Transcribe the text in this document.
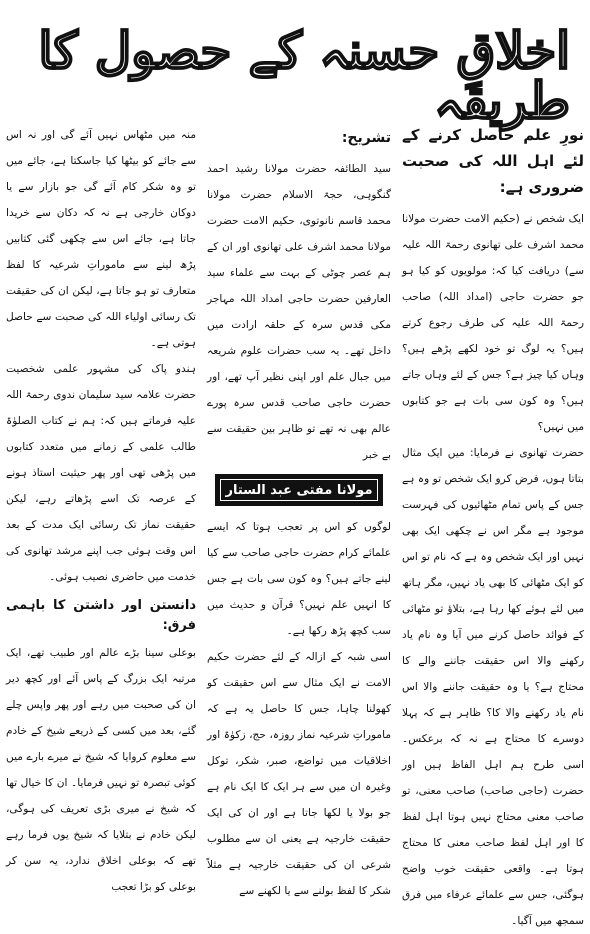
اخلاقِ حسنہ کے حصول کا طریقہ
نورِ علم حاصل کرنے کے لئے اہل اللہ کی صحبت ضروری ہے:

ایک شخص نے (حکیم الامت حضرت مولانا محمد اشرف علی تھانوی رحمۃ اللہ علیہ سے) دریافت کیا کہ: مولویوں کو کیا ہو جو حضرت حاجی (امداد اللہ) صاحب رحمۃ اللہ علیہ کی طرف رجوع کرتے ہیں؟ یہ لوگ تو خود لکھے پڑھے ہیں؟ وہاں کیا چیز ہے؟ جس کے لئے وہاں جاتے ہیں؟ وہ کون سی بات ہے جو کتابوں میں نہیں؟

حضرت تھانوی نے فرمایا: میں ایک مثال بتاتا ہوں، فرض کرو ایک شخص تو وہ ہے جس کے پاس تمام مٹھائیوں کی فہرست موجود ہے مگر اس نے چکھی ایک بھی نہیں اور ایک شخص وہ ہے کہ نام تو اس کو ایک مٹھائی کا بھی یاد نہیں، مگر ہاتھ میں لئے ہوئے کھا رہا ہے، بتلاؤ تو مٹھائی کے فوائد حاصل کرنے میں آیا وہ نام یاد رکھنے والا اس حقیقت جاننے والے کا محتاج ہے؟ یا وہ حقیقت جاننے والا اس نام یاد رکھنے والا کا؟ ظاہر ہے کہ پہلا دوسرے کا محتاج ہے نہ کہ برعکس۔ اسی طرح ہم اہل الفاظ ہیں اور حضرت (حاجی صاحب) صاحب معنی، تو صاحب معنی محتاج نہیں ہوتا اہل لفظ کا اور اہل لفظ صاحب معنی کا محتاج ہوتا ہے۔ واقعی حقیقت خوب واضح ہوگئی، جس سے علمائے عرفاء میں فرق سمجھ میں آگیا۔

تشریح:

سید الطائفہ حضرت مولانا رشید احمد گنگوہی، حجۃ الاسلام حضرت مولانا محمد قاسم نانوتوی، حکیم الامت حضرت مولانا محمد اشرف علی تھانوی اور ان کے ہم عصر چوٹی کے بہت سے علماء سید العارفین حضرت حاجی امداد اللہ مہاجر مکی قدس سرہ کے حلقہ ارادت میں داخل تھے۔ یہ سب حضرات علوم شریعہ میں جبال علم اور اپنی نظیر آپ تھے، اور حضرت حاجی صاحب قدس سرہ پورے عالم بھی نہ تھے تو ظاہر بین حقیقت سے بے خبر

مولانا مفتی عبد الستار

لوگوں کو اس پر تعجب ہوتا کہ ایسے علمائے کرام حضرت حاجی صاحب سے کیا لینے جاتے ہیں؟ وہ کون سی بات ہے جس کا انہیں علم نہیں؟ قرآن و حدیث میں سب کچھ پڑھ رکھا ہے۔

اسی شبہ کے ازالہ کے لئے حضرت حکیم الامت نے ایک مثال سے اس حقیقت کو کھولنا چاہا، جس کا حاصل یہ ہے کہ ماموراتِ شرعیہ نماز روزہ، حج، زکوٰۃ اور اخلاقیات میں تواضع، صبر، شکر، توکل وغیرہ ان میں سے ہر ایک کا ایک نام ہے جو بولا یا لکھا جاتا ہے اور ان کی ایک حقیقت خارجیہ ہے یعنی ان سے مطلوب شرعی ان کی حقیقت خارجیہ ہے مثلاً شکر کا لفظ بولنے سے یا لکھنے سے

منہ میں مٹھاس نہیں آئے گی اور نہ اس سے جائے کو بیٹھا کیا جاسکتا ہے، جائے میں تو وہ شکر کام آئے گی جو بازار سے یا دوکان خارجی ہے نہ کہ دکان سے خریدا جاتا ہے، جائے اس سے چکھی گئی کتابیں پڑھ لینے سے ماموراتِ شرعیہ کا لفظ متعارف تو ہو جاتا ہے، لیکن ان کی حقیقت تک رسائی اولیاء اللہ کی صحبت سے حاصل ہوتی ہے۔

ہندو پاک کی مشہور علمی شخصیت حضرت علامہ سید سلیمان ندوی رحمۃ اللہ علیہ فرماتے ہیں کہ: ہم نے کتاب الصلوٰۃ طالب علمی کے زمانے میں متعدد کتابوں میں پڑھی تھی اور پھر حیثیت استاذ ہونے کے عرصہ تک اسے پڑھاتے رہے، لیکن حقیقت نماز تک رسائی ایک مدت کے بعد اس وقت ہوئی جب اپنے مرشد تھانوی کی خدمت میں حاضری نصیب ہوئی۔

دانستن اور داشتن کا باہمی فرق:

بوعلی سینا بڑے عالم اور طبیب تھے، ایک مرتبہ ایک بزرگ کے پاس آئے اور کچھ دیر ان کی صحبت میں رہے اور پھر واپس چلے گئے، بعد میں کسی کے ذریعے شیخ کے خادم سے معلوم کروایا کہ شیخ نے میرے بارے میں کوئی تبصرہ تو نہیں فرمایا۔ ان کا خیال تھا کہ شیخ نے میری بڑی تعریف کی ہوگی، لیکن خادم نے بتلایا کہ شیخ یوں فرما رہے تھے کہ بوعلی اخلاق ندارد، یہ سن کر بوعلی کو بڑا تعجب
